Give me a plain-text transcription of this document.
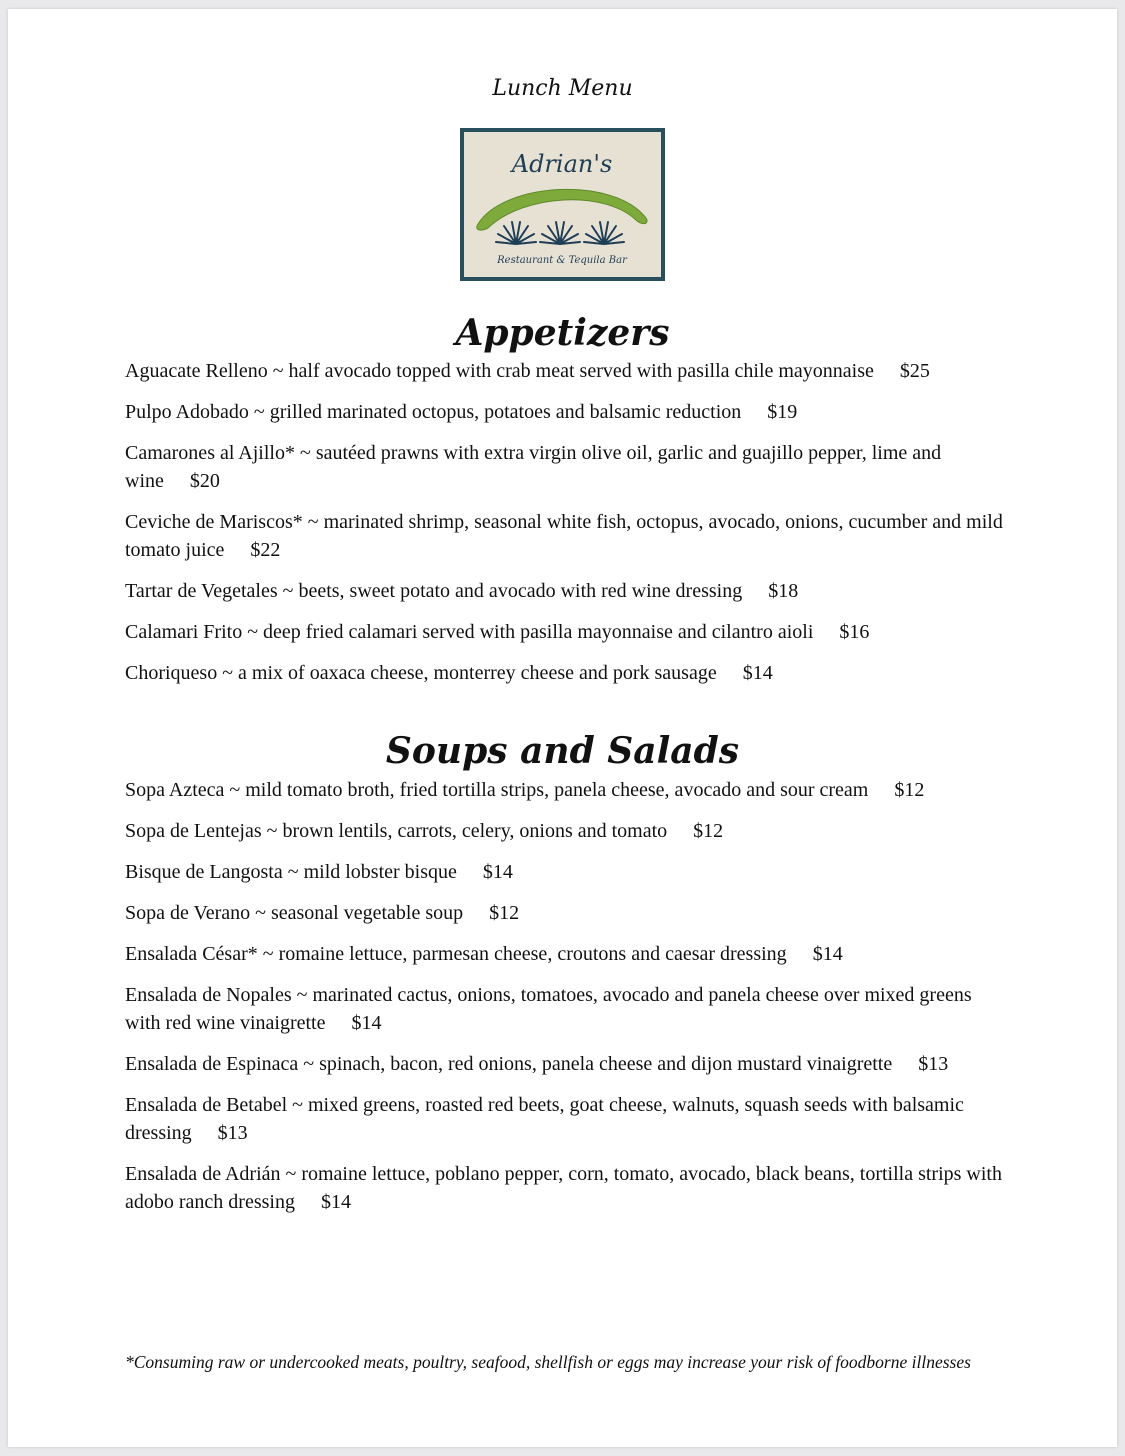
Lunch Menu
Adrian's
Restaurant & Tequila Bar
Appetizers
Aguacate Relleno ~ half avocado topped with crab meat served with pasilla chile mayonnaise $25
Pulpo Adobado ~ grilled marinated octopus, potatoes and balsamic reduction $19
Camarones al Ajillo* ~ sautéed prawns with extra virgin olive oil, garlic and guajillo pepper, lime and wine $20
Ceviche de Mariscos* ~ marinated shrimp, seasonal white fish, octopus, avocado, onions, cucumber and mild tomato juice $22
Tartar de Vegetales ~ beets, sweet potato and avocado with red wine dressing $18
Calamari Frito ~ deep fried calamari served with pasilla mayonnaise and cilantro aioli $16
Choriqueso ~ a mix of oaxaca cheese, monterrey cheese and pork sausage $14
Soups and Salads
Sopa Azteca ~ mild tomato broth, fried tortilla strips, panela cheese, avocado and sour cream $12
Sopa de Lentejas ~ brown lentils, carrots, celery, onions and tomato $12
Bisque de Langosta ~ mild lobster bisque $14
Sopa de Verano ~ seasonal vegetable soup $12
Ensalada César* ~ romaine lettuce, parmesan cheese, croutons and caesar dressing $14
Ensalada de Nopales ~ marinated cactus, onions, tomatoes, avocado and panela cheese over mixed greens with red wine vinaigrette $14
Ensalada de Espinaca ~ spinach, bacon, red onions, panela cheese and dijon mustard vinaigrette $13
Ensalada de Betabel ~ mixed greens, roasted red beets, goat cheese, walnuts, squash seeds with balsamic dressing $13
Ensalada de Adrián ~ romaine lettuce, poblano pepper, corn, tomato, avocado, black beans, tortilla strips with adobo ranch dressing $14
*Consuming raw or undercooked meats, poultry, seafood, shellfish or eggs may increase your risk of foodborne illnesses
